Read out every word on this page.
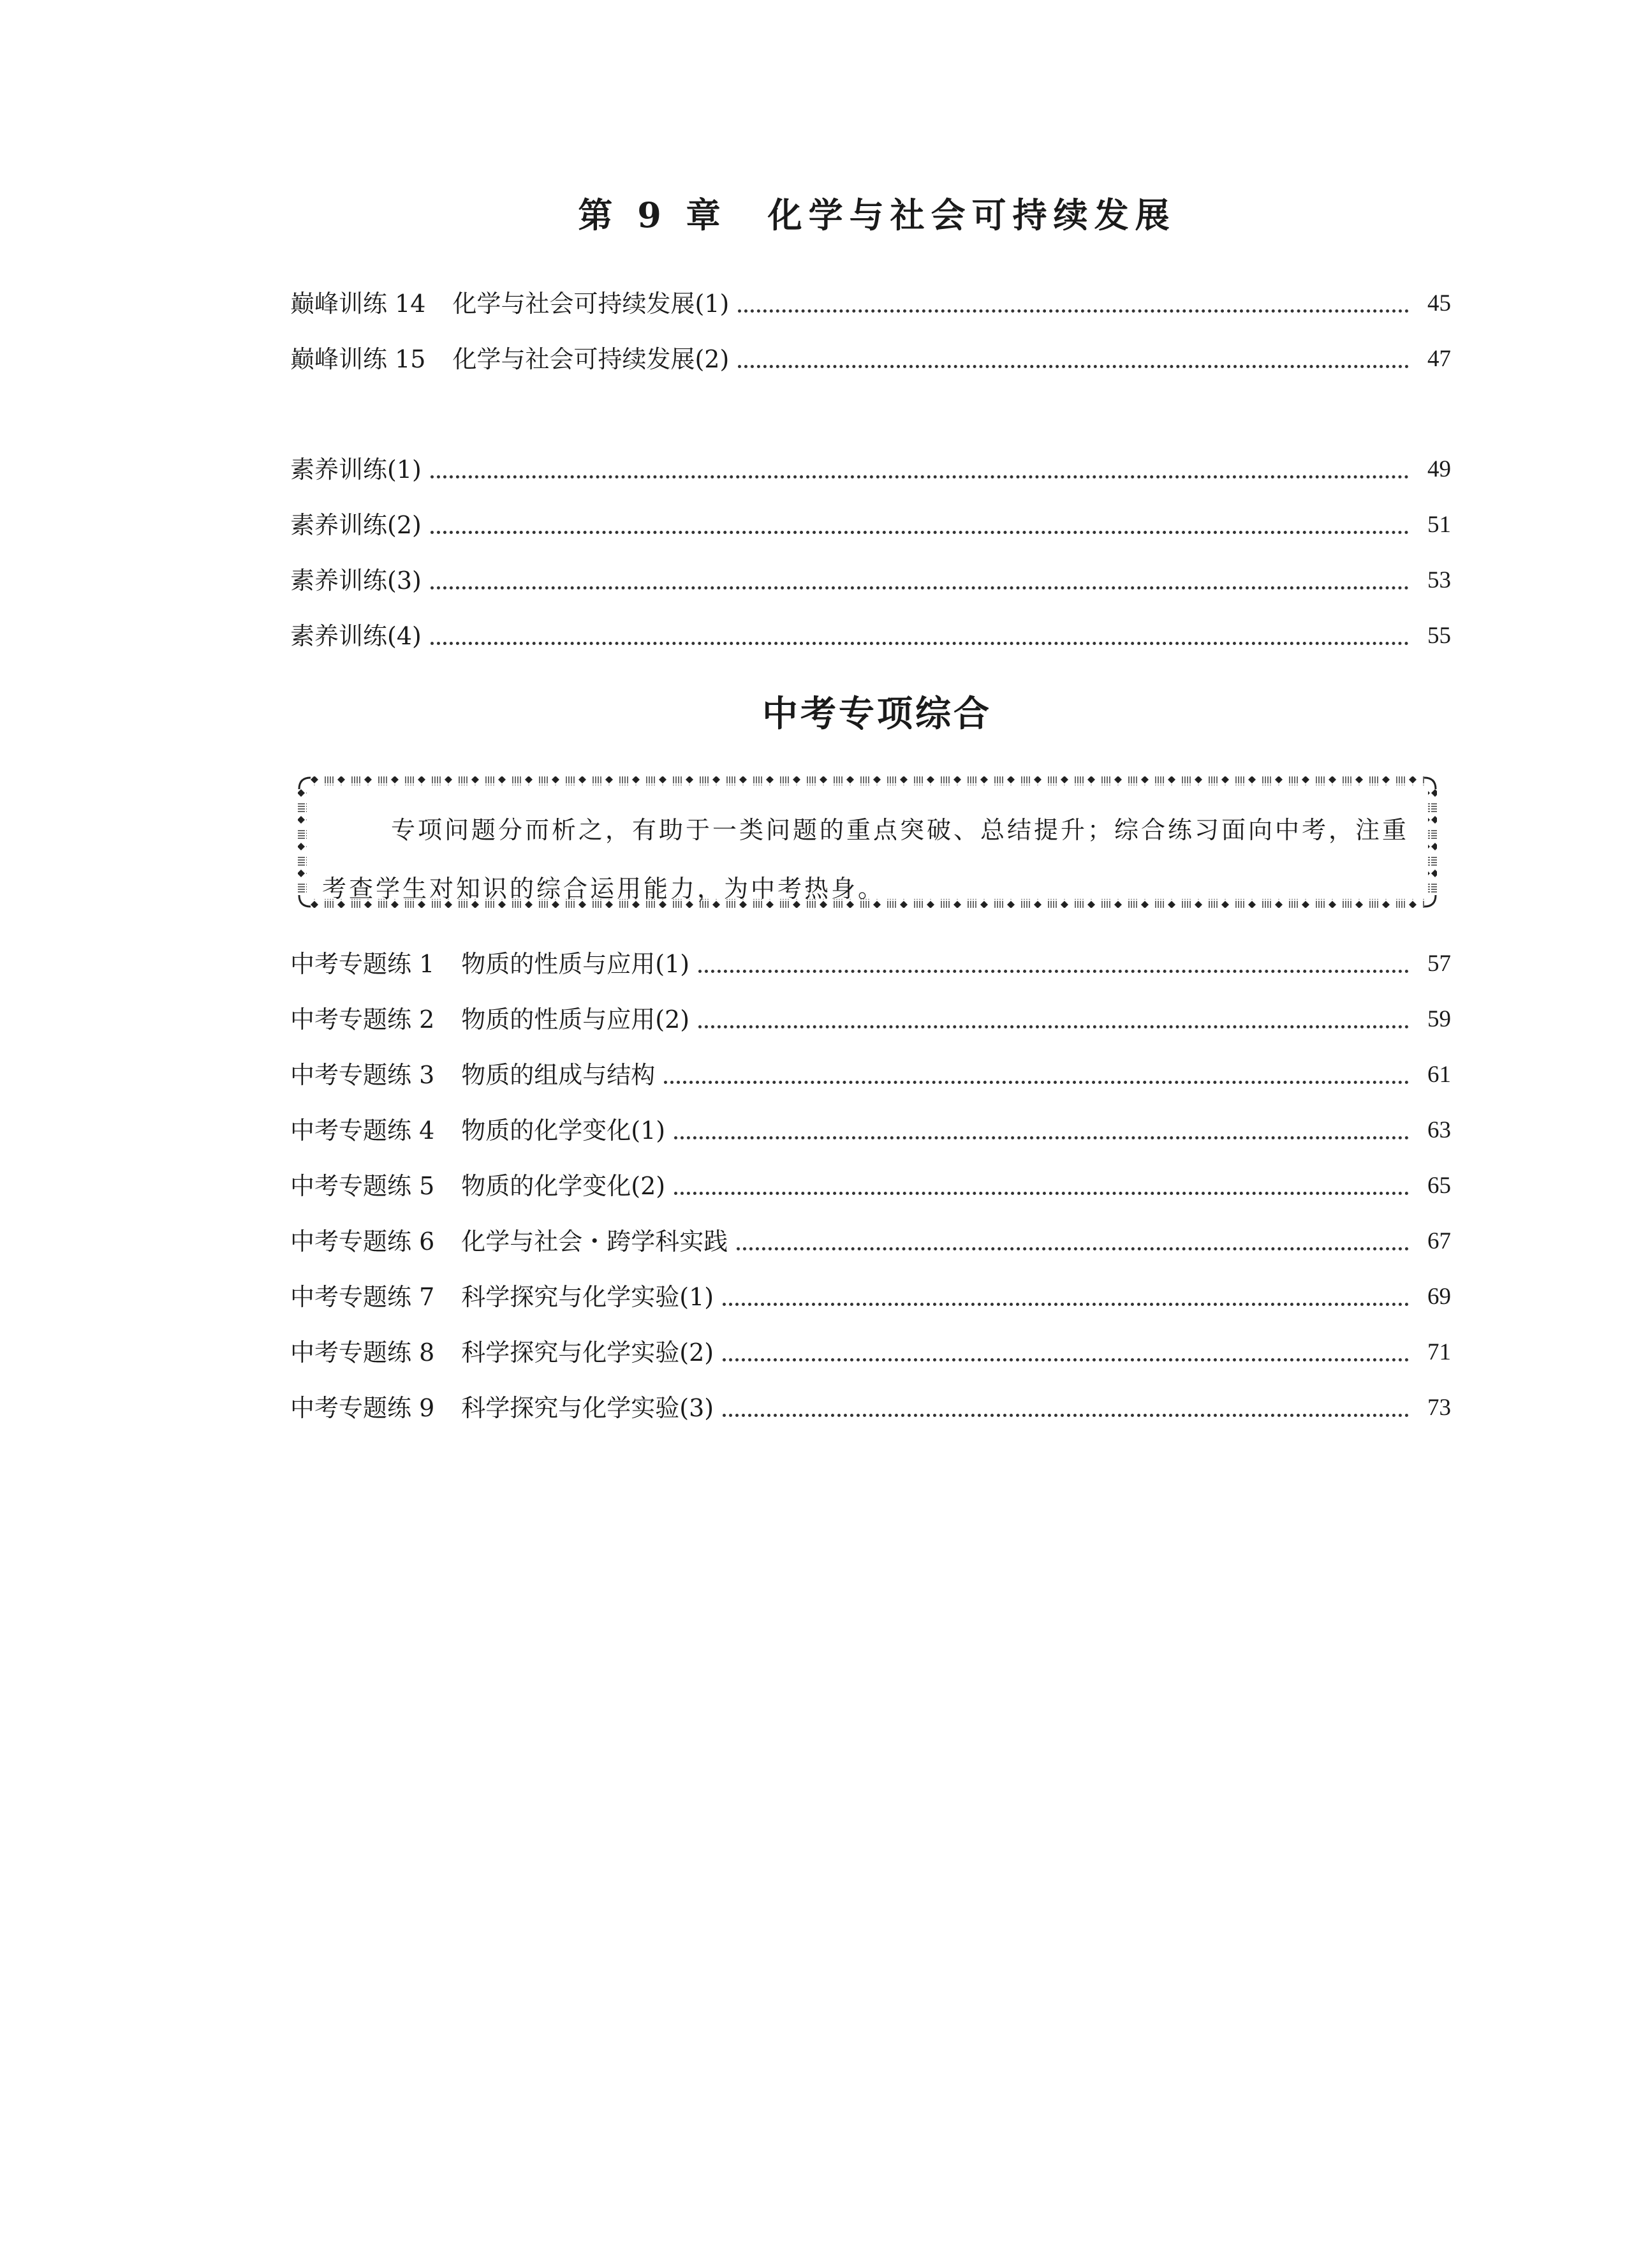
第 9 章　化学与社会可持续发展
巅峰训练 14 化学与社会可持续发展(1)	45
巅峰训练 15 化学与社会可持续发展(2)	47
素养训练(1)	49
素养训练(2)	51
素养训练(3)	53
素养训练(4)	55
中考专项综合

专项问题分而析之，有助于一类问题的重点突破、总结提升；综合练习面向中考，注重考查学生对知识的综合运用能力，为中考热身。

中考专题练 1 物质的性质与应用(1)	57
中考专题练 2 物质的性质与应用(2)	59
中考专题练 3 物质的组成与结构	61
中考专题练 4 物质的化学变化(1)	63
中考专题练 5 物质的化学变化(2)	65
中考专题练 6 化学与社会・跨学科实践	67
中考专题练 7 科学探究与化学实验(1)	69
中考专题练 8 科学探究与化学实验(2)	71
中考专题练 9 科学探究与化学实验(3)	73
